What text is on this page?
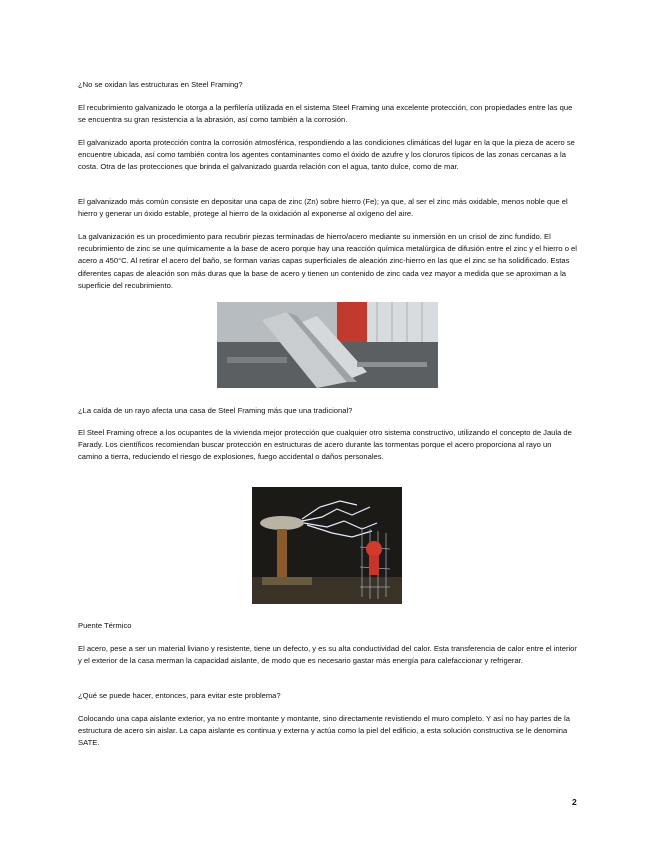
¿No se oxidan las estructuras en Steel Framing?
El recubrimiento galvanizado le otorga a la perfilería utilizada en el sistema Steel Framing una excelente protección, con propiedades entre las que se encuentra su gran resistencia a la abrasión, así como también a la corrosión.
El galvanizado aporta protección contra la corrosión atmosférica, respondiendo a las condiciones climáticas del lugar en la que la pieza de acero se encuentre ubicada, así como también contra los agentes contaminantes como el óxido de azufre y los cloruros típicos de las zonas cercanas a la costa. Otra de las protecciones que brinda el galvanizado guarda relación con el agua, tanto dulce, como de mar.
El galvanizado más común consiste en depositar una capa de zinc (Zn) sobre hierro (Fe); ya que, al ser el zinc más oxidable, menos noble que el hierro y generar un óxido estable, protege al hierro de la oxidación al exponerse al oxígeno del aire.
La galvanización es un procedimiento para recubrir piezas terminadas de hierro/acero mediante su inmersión en un crisol de zinc fundido. El recubrimiento de zinc se une químicamente a la base de acero porque hay una reacción química metalúrgica de difusión entre el zinc y el hierro o el acero a 450°C. Al retirar el acero del baño, se forman varias capas superficiales de aleación zinc-hierro en las que el zinc se ha solidificado. Estas diferentes capas de aleación son más duras que la base de acero y tienen un contenido de zinc cada vez mayor a medida que se aproximan a la superficie del recubrimiento.
¿La caída de un rayo afecta una casa de Steel Framing más que una tradicional?
El Steel Framing ofrece a los ocupantes de la vivienda mejor protección que cualquier otro sistema constructivo, utilizando el concepto de Jaula de Farady. Los científicos recomiendan buscar protección en estructuras de acero durante las tormentas porque el acero proporciona al rayo un camino a tierra, reduciendo el riesgo de explosiones, fuego accidental o daños personales.
Puente Térmico
El acero, pese a ser un material liviano y resistente, tiene un defecto, y es su alta conductividad del calor. Esta transferencia de calor entre el interior y el exterior de la casa merman la capacidad aislante, de modo que es necesario gastar más energía para calefaccionar y refrigerar.
¿Qué se puede hacer, entonces, para evitar este problema?
Colocando una capa aislante exterior, ya no entre montante y montante, sino directamente revistiendo el muro completo. Y así no hay partes de la estructura de acero sin aislar. La capa aislante es continua y externa y actúa como la piel del edificio, a esta solución constructiva se le denomina SATE.
2
